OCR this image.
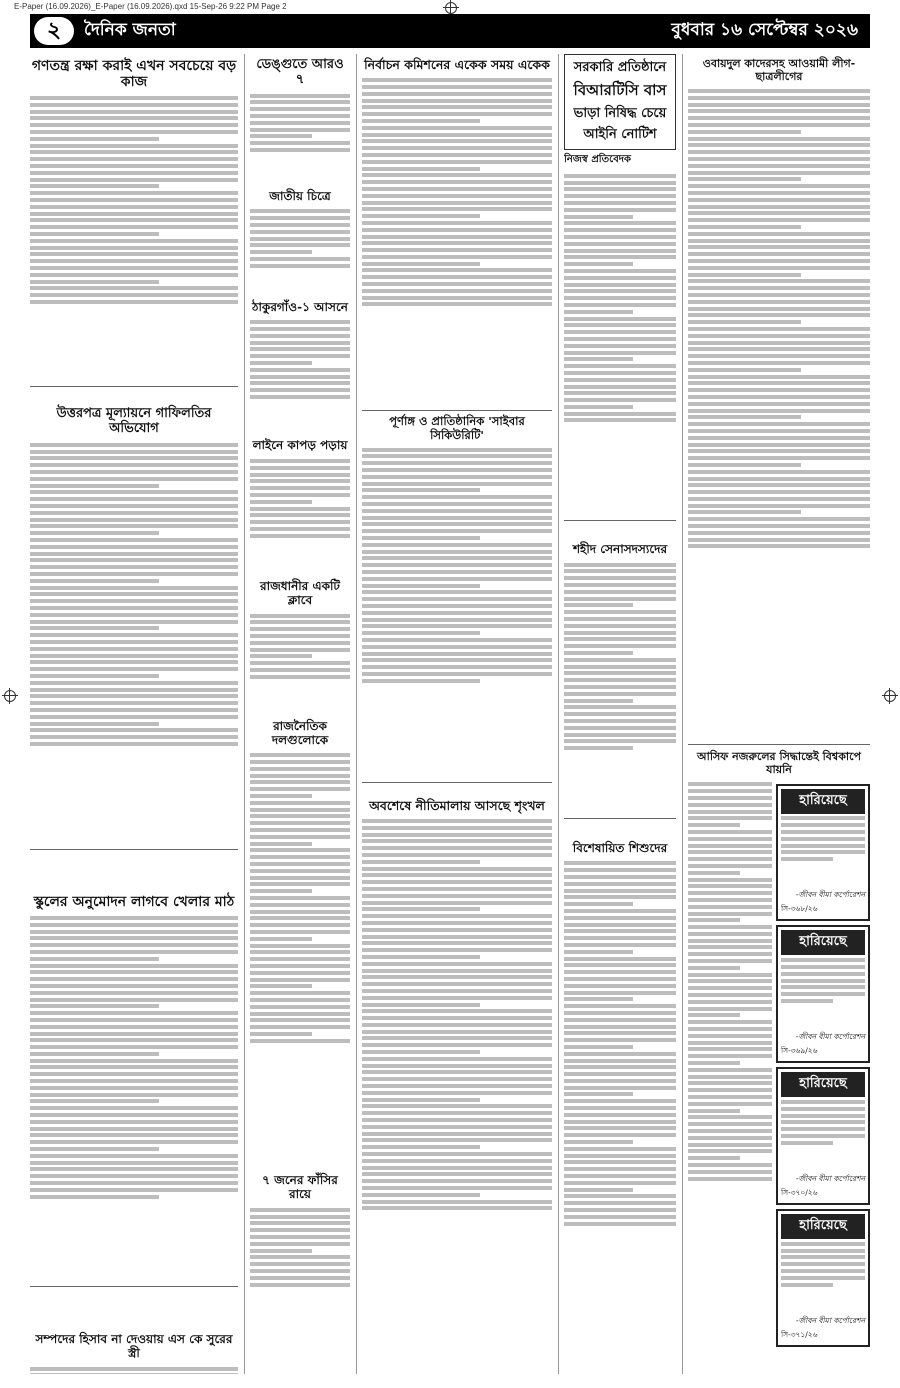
E-Paper (16.09.2026)_E-Paper (16.09.2026).qxd 15-Sep-26 9:22 PM Page 2
২	দৈনিক জনতা	বুধবার ১৬ সেপ্টেম্বর ২০২৬
গণতন্ত্র রক্ষা করাই এখন সবচেয়ে বড় কাজ

উত্তরপত্র মূল্যায়নে গাফিলতির অভিযোগ

স্কুলের অনুমোদন লাগবে খেলার মাঠ

সম্পদের হিসাব না দেওয়ায় এস কে সুরের স্ত্রী

ডেঙ্গুতে আরও ৭

জাতীয় চিত্রে

ঠাকুরগাঁও-১ আসনে

লাইনে কাপড় পড়ায়

রাজধানীর একটি ক্লাবে

রাজনৈতিক দলগুলোকে

৭ জনের ফাঁসির রায়ে

নির্বাচন কমিশনের একেক সময় একেক

পূর্ণাঙ্গ ও প্রাতিষ্ঠানিক 'সাইবার সিকিউরিটি'

অবশেষে নীতিমালায় আসছে শৃংখল

সরকারি প্রতিষ্ঠানে
বিআরটিসি বাস
ভাড়া নিষিদ্ধ চেয়ে
আইনি নোটিশ
নিজস্ব প্রতিবেদক

শহীদ সেনাসদস্যদের

বিশেষায়িত শিশুদের

ওবায়দুল কাদেরসহ আওয়ামী লীগ-ছাত্রলীগের

আসিফ নজরুলের সিদ্ধান্তেই বিশ্বকাপে যায়নি

হারিয়েছে

-জীবন বীমা কর্পোরেশন
সি-৩৬৮/২৬
হারিয়েছে

-জীবন বীমা কর্পোরেশন
সি-৩৬৯/২৬
হারিয়েছে

-জীবন বীমা কর্পোরেশন
সি-৩৭০/২৬
হারিয়েছে

-জীবন বীমা কর্পোরেশন
সি-৩৭১/২৬
